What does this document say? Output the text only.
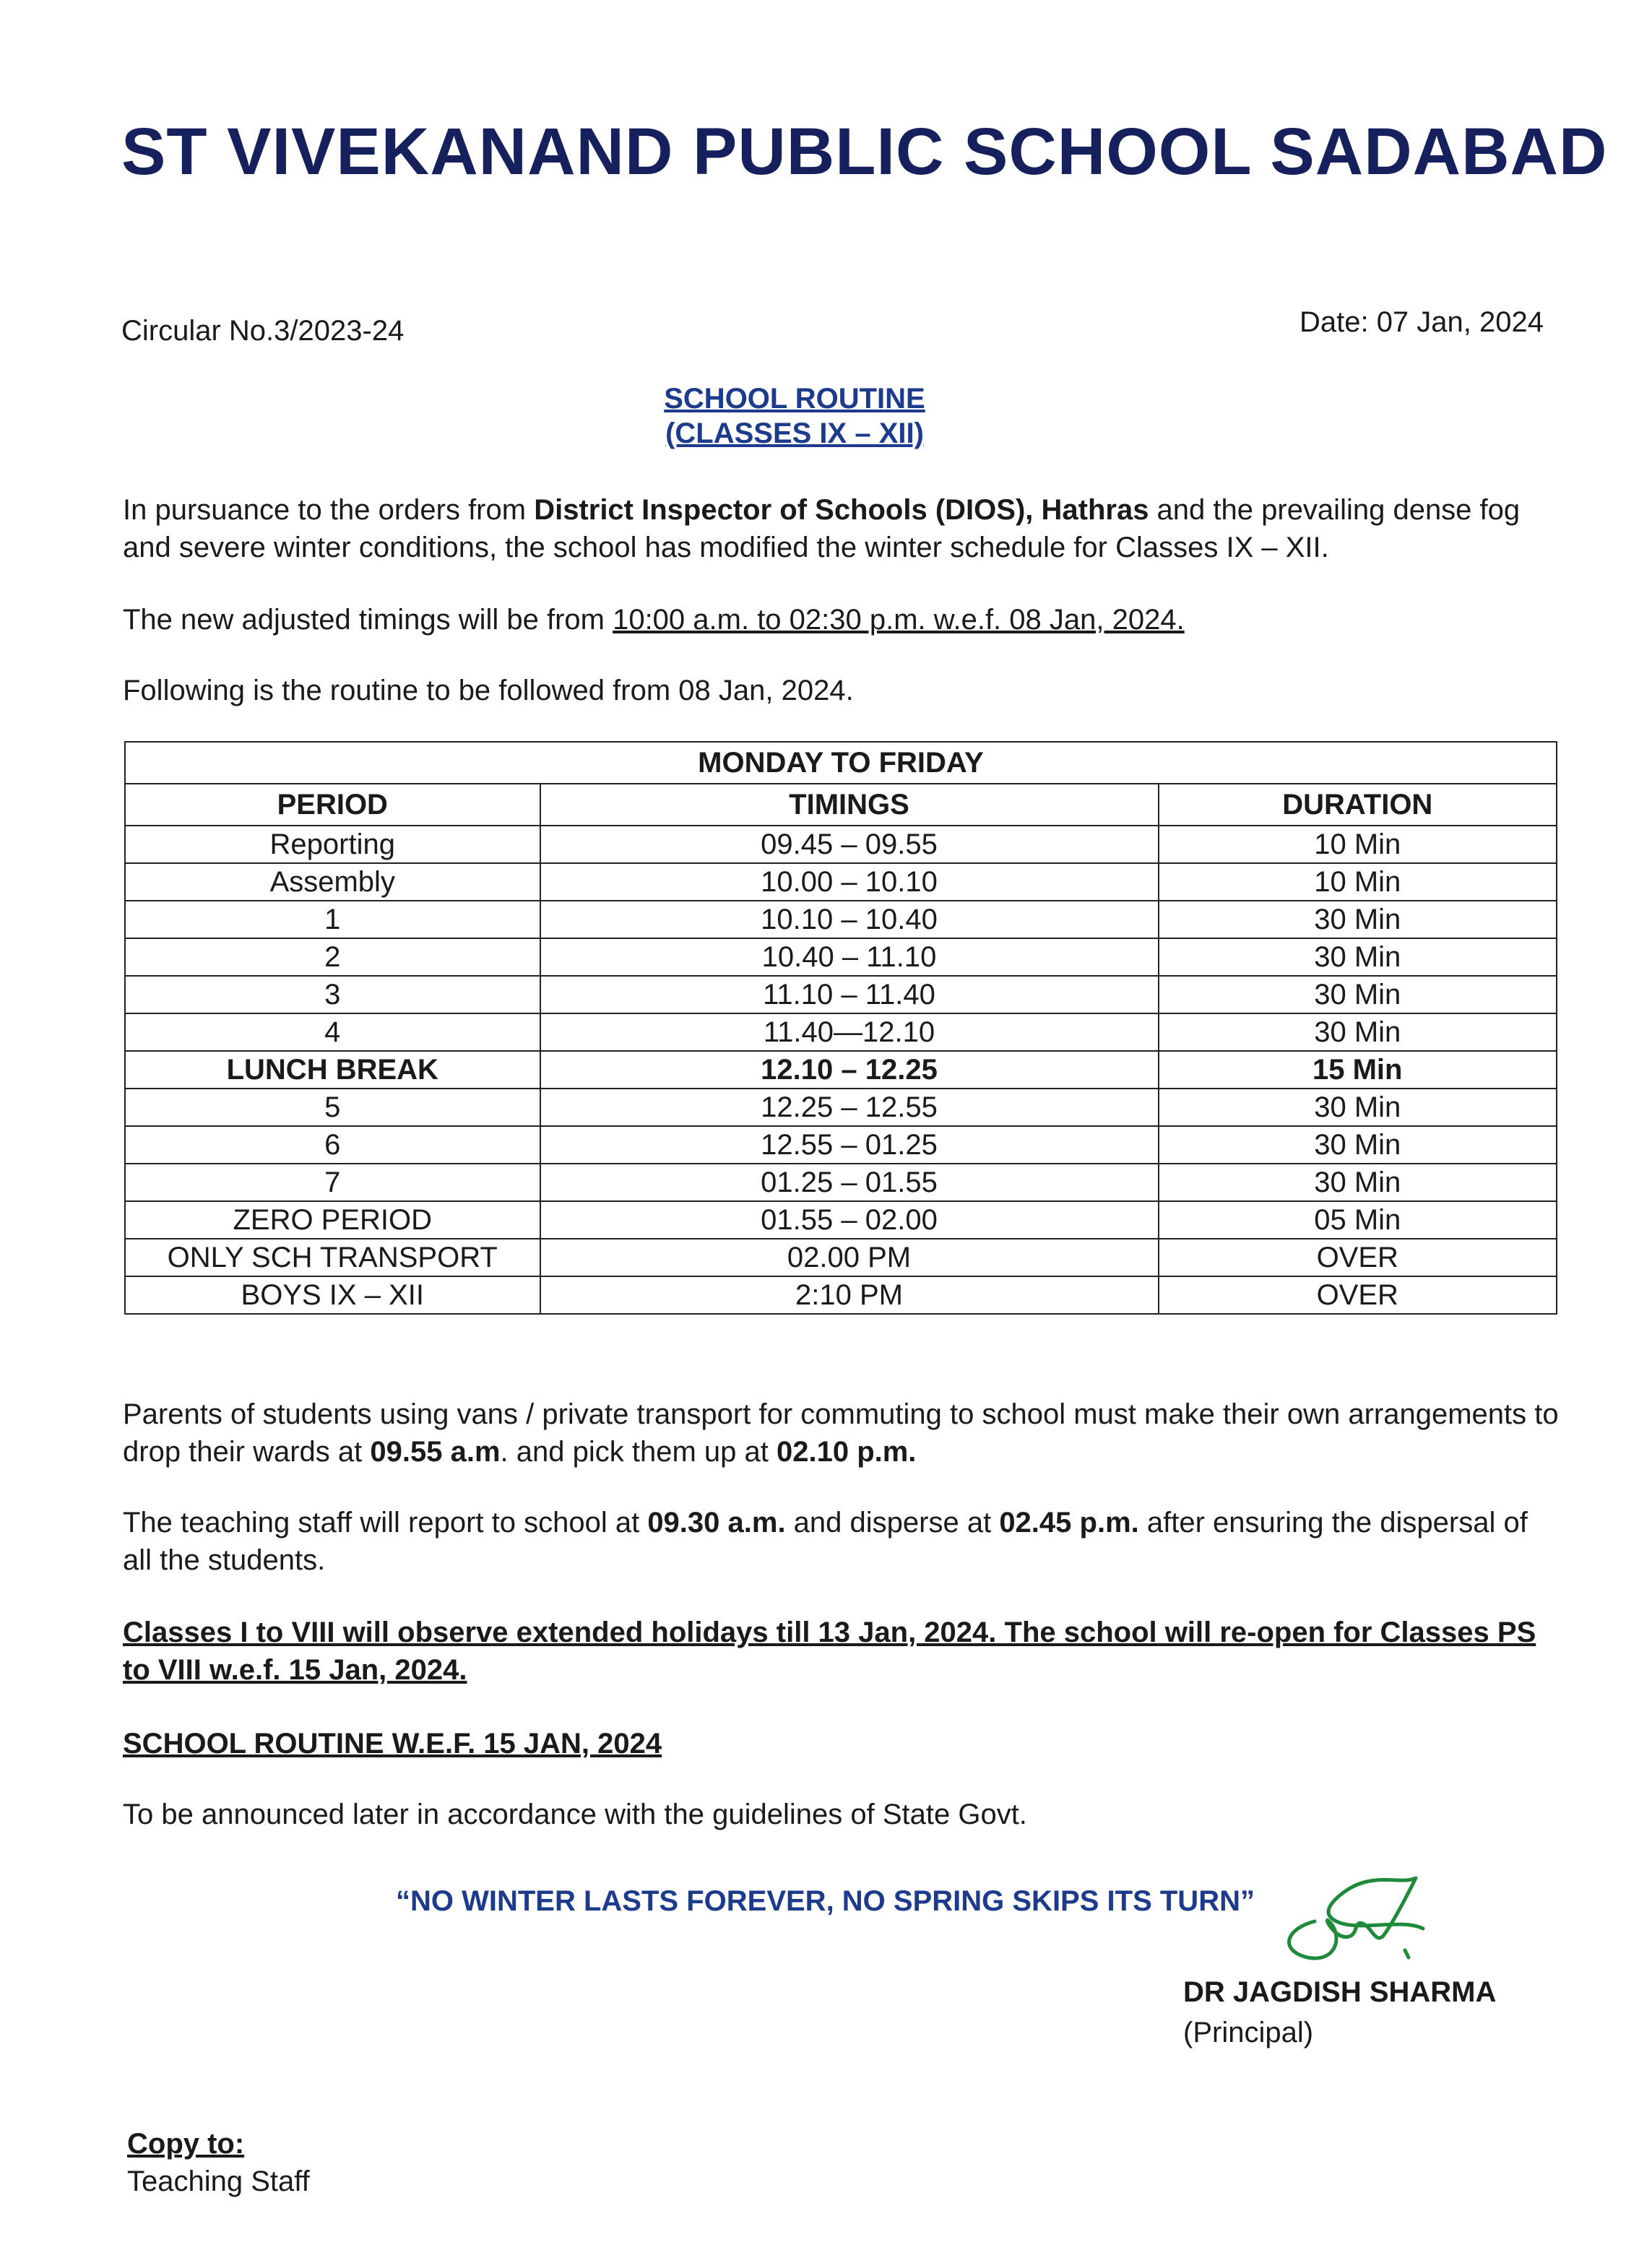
ST VIVEKANAND PUBLIC SCHOOL SADABAD
Circular No.3/2023-24	Date: 07 Jan, 2024
SCHOOL ROUTINE
(CLASSES IX – XII)
In pursuance to the orders from District Inspector of Schools (DIOS), Hathras and the prevailing dense fog and severe winter conditions, the school has modified the winter schedule for Classes IX – XII.
The new adjusted timings will be from 10:00 a.m. to 02:30 p.m. w.e.f. 08 Jan, 2024.
Following is the routine to be followed from 08 Jan, 2024.
MONDAY TO FRIDAY		
PERIOD	TIMINGS	DURATION
Reporting	09.45 – 09.55	10 Min
Assembly	10.00 – 10.10	10 Min
1	10.10 – 10.40	30 Min
2	10.40 – 11.10	30 Min
3	11.10 – 11.40	30 Min
4	11.40—12.10	30 Min
LUNCH BREAK	12.10 – 12.25	15 Min
5	12.25 – 12.55	30 Min
6	12.55 – 01.25	30 Min
7	01.25 – 01.55	30 Min
ZERO PERIOD	01.55 – 02.00	05 Min
ONLY SCH TRANSPORT	02.00 PM	OVER
BOYS IX – XII	2:10 PM	OVER
Parents of students using vans / private transport for commuting to school must make their own arrangements to drop their wards at 09.55 a.m. and pick them up at 02.10 p.m.
The teaching staff will report to school at 09.30 a.m. and disperse at 02.45 p.m. after ensuring the dispersal of all the students.
Classes I to VIII will observe extended holidays till 13 Jan, 2024. The school will re-open for Classes PS to VIII w.e.f. 15 Jan, 2024.
SCHOOL ROUTINE W.E.F. 15 JAN, 2024
To be announced later in accordance with the guidelines of State Govt.
“NO WINTER LASTS FOREVER, NO SPRING SKIPS ITS TURN”
DR JAGDISH SHARMA
(Principal)
Copy to:
Teaching Staff
